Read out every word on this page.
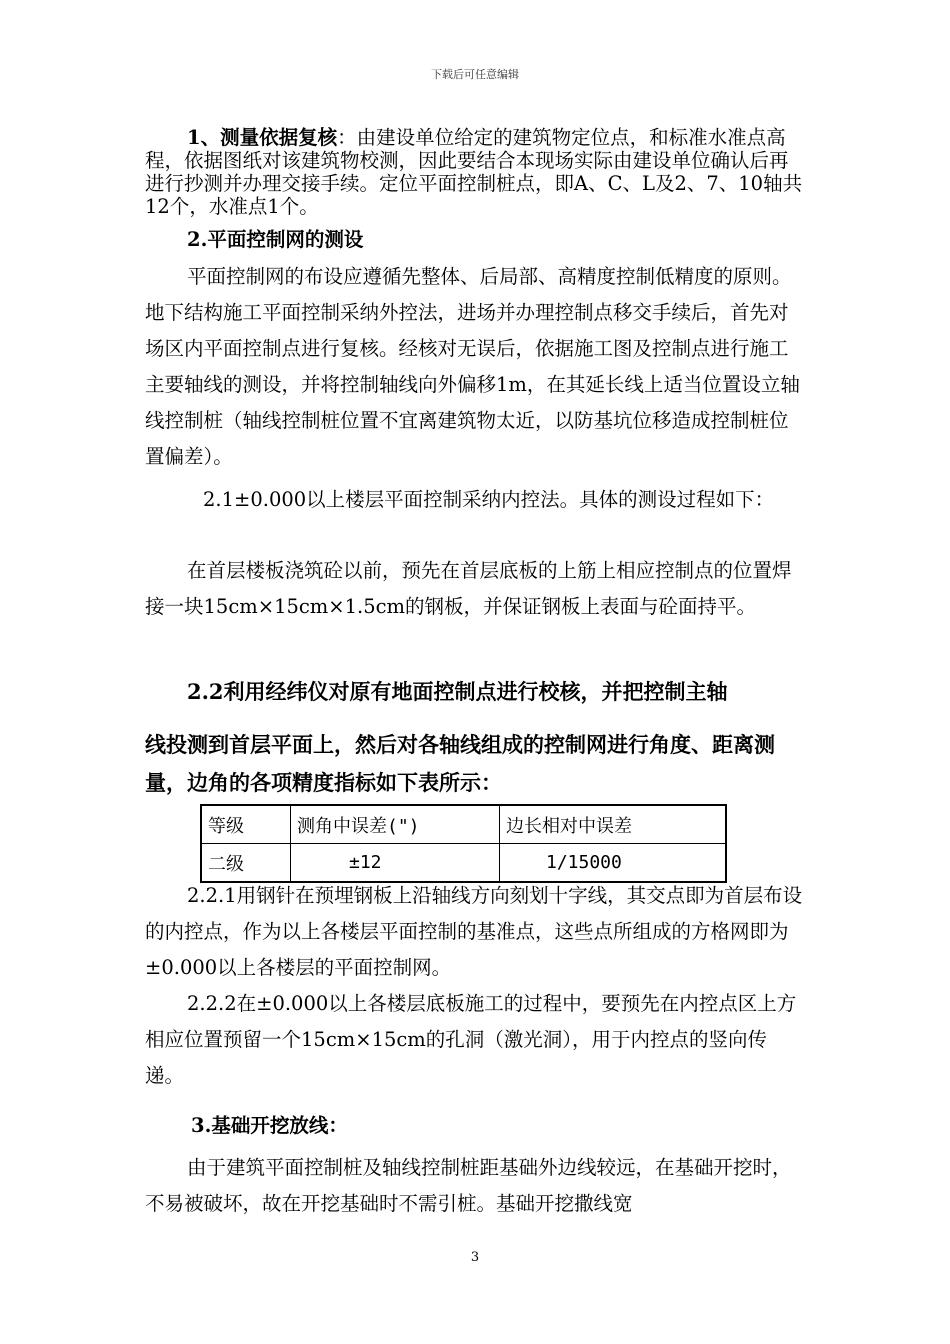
下载后可任意编辑

1、测量依据复核：由建设单位给定的建筑物定位点，和标准水准点高程，依据图纸对该建筑物校测，因此要结合本现场实际由建设单位确认后再进行抄测并办理交接手续。定位平面控制桩点，即A、C、L及2、7、10轴共12个，水准点1个。

2.平面控制网的测设

平面控制网的布设应遵循先整体、后局部、高精度控制低精度的原则。地下结构施工平面控制采纳外控法，进场并办理控制点移交手续后，首先对场区内平面控制点进行复核。经核对无误后，依据施工图及控制点进行施工主要轴线的测设，并将控制轴线向外偏移1m，在其延长线上适当位置设立轴线控制桩（轴线控制桩位置不宜离建筑物太近，以防基坑位移造成控制桩位置偏差）。

2.1±0.000以上楼层平面控制采纳内控法。具体的测设过程如下：

在首层楼板浇筑砼以前，预先在首层底板的上筋上相应控制点的位置焊接一块15cm×15cm×1.5cm的钢板，并保证钢板上表面与砼面持平。

2.2利用经纬仪对原有地面控制点进行校核，并把控制主轴

线投测到首层平面上，然后对各轴线组成的控制网进行角度、距离测量，边角的各项精度指标如下表所示：

等级	测角中误差(")	边长相对中误差
二级	±12	1/15000

2.2.1用钢针在预埋钢板上沿轴线方向刻划十字线，其交点即为首层布设的内控点，作为以上各楼层平面控制的基准点，这些点所组成的方格网即为±0.000以上各楼层的平面控制网。

2.2.2在±0.000以上各楼层底板施工的过程中，要预先在内控点区上方相应位置预留一个15cm×15cm的孔洞（激光洞），用于内控点的竖向传递。

3.基础开挖放线：

由于建筑平面控制桩及轴线控制桩距基础外边线较远，在基础开挖时，不易被破坏，故在开挖基础时不需引桩。基础开挖撒线宽

3
